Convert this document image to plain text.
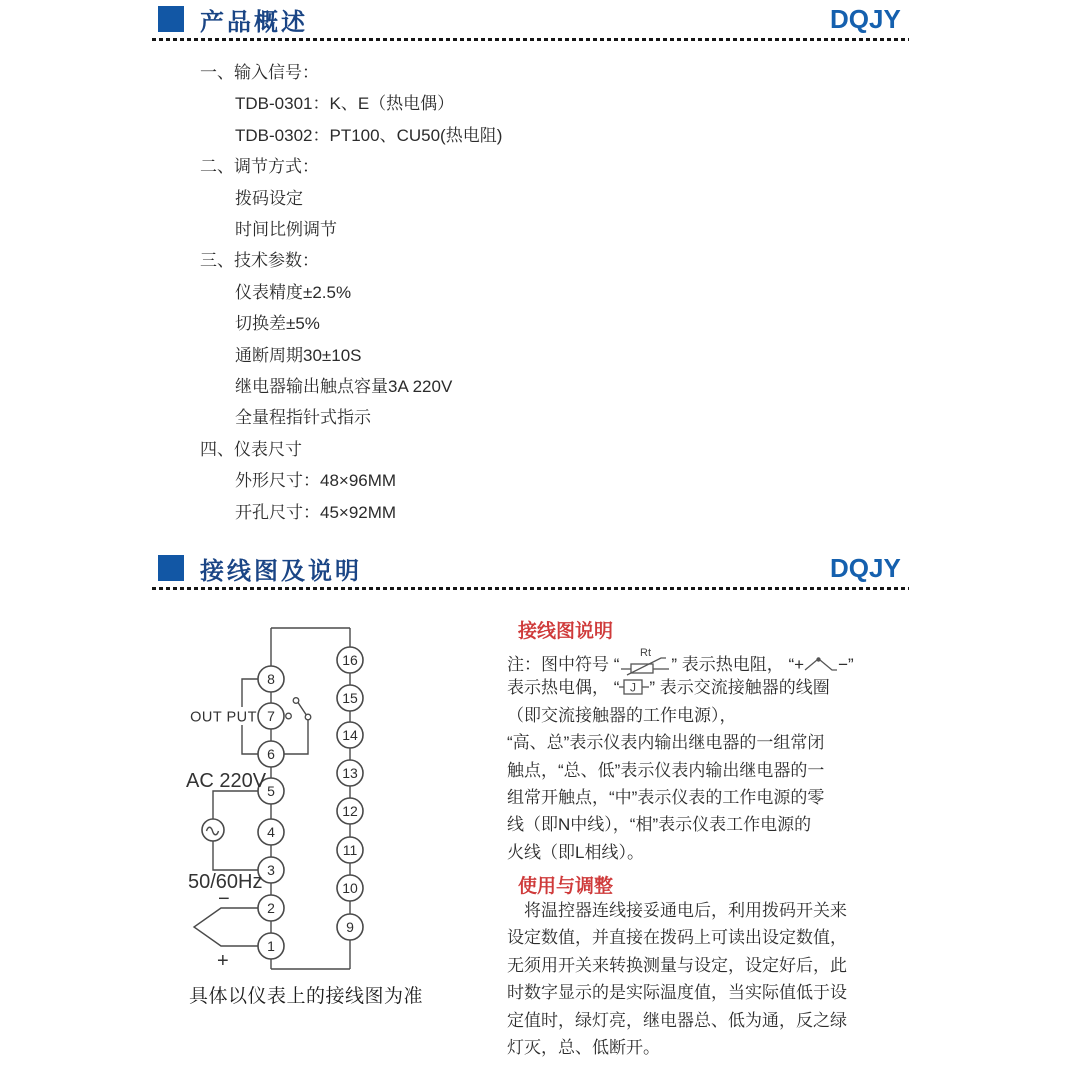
产品概述	DQJY
一、输入信号：
TDB-0301：K、E（热电偶）
TDB-0302：PT100、CU50(热电阻)
二、调节方式：
拨码设定
时间比例调节
三、技术参数：
仪表精度±2.5%
切换差±5%
通断周期30±10S
继电器输出触点容量3A 220V
全量程指针式指示
四、仪表尺寸
外形尺寸：48×96MM
开孔尺寸：45×92MM
接线图及说明	DQJY
OUT PUT
8
7
6
5
4
3
2
1
16
15
14
13
12
11
10
9
AC 220V
50/60Hz
−
+
具体以仪表上的接线图为准
接线图说明
注：图中符号 “
Rt
” 表示热电阻， “+ −”
表示热电偶， “ J ” 表示交流接触器的线圈
（即交流接触器的工作电源），
“高、总”表示仪表内输出继电器的一组常闭
触点，“总、低”表示仪表内输出继电器的一
组常开触点，“中”表示仪表的工作电源的零
线（即N中线），“相”表示仪表工作电源的
火线（即L相线）。
使用与调整
　将温控器连线接妥通电后，利用拨码开关来
设定数值，并直接在拨码上可读出设定数值，
无须用开关来转换测量与设定，设定好后，此
时数字显示的是实际温度值，当实际值低于设
定值时，绿灯亮，继电器总、低为通，反之绿
灯灭，总、低断开。
